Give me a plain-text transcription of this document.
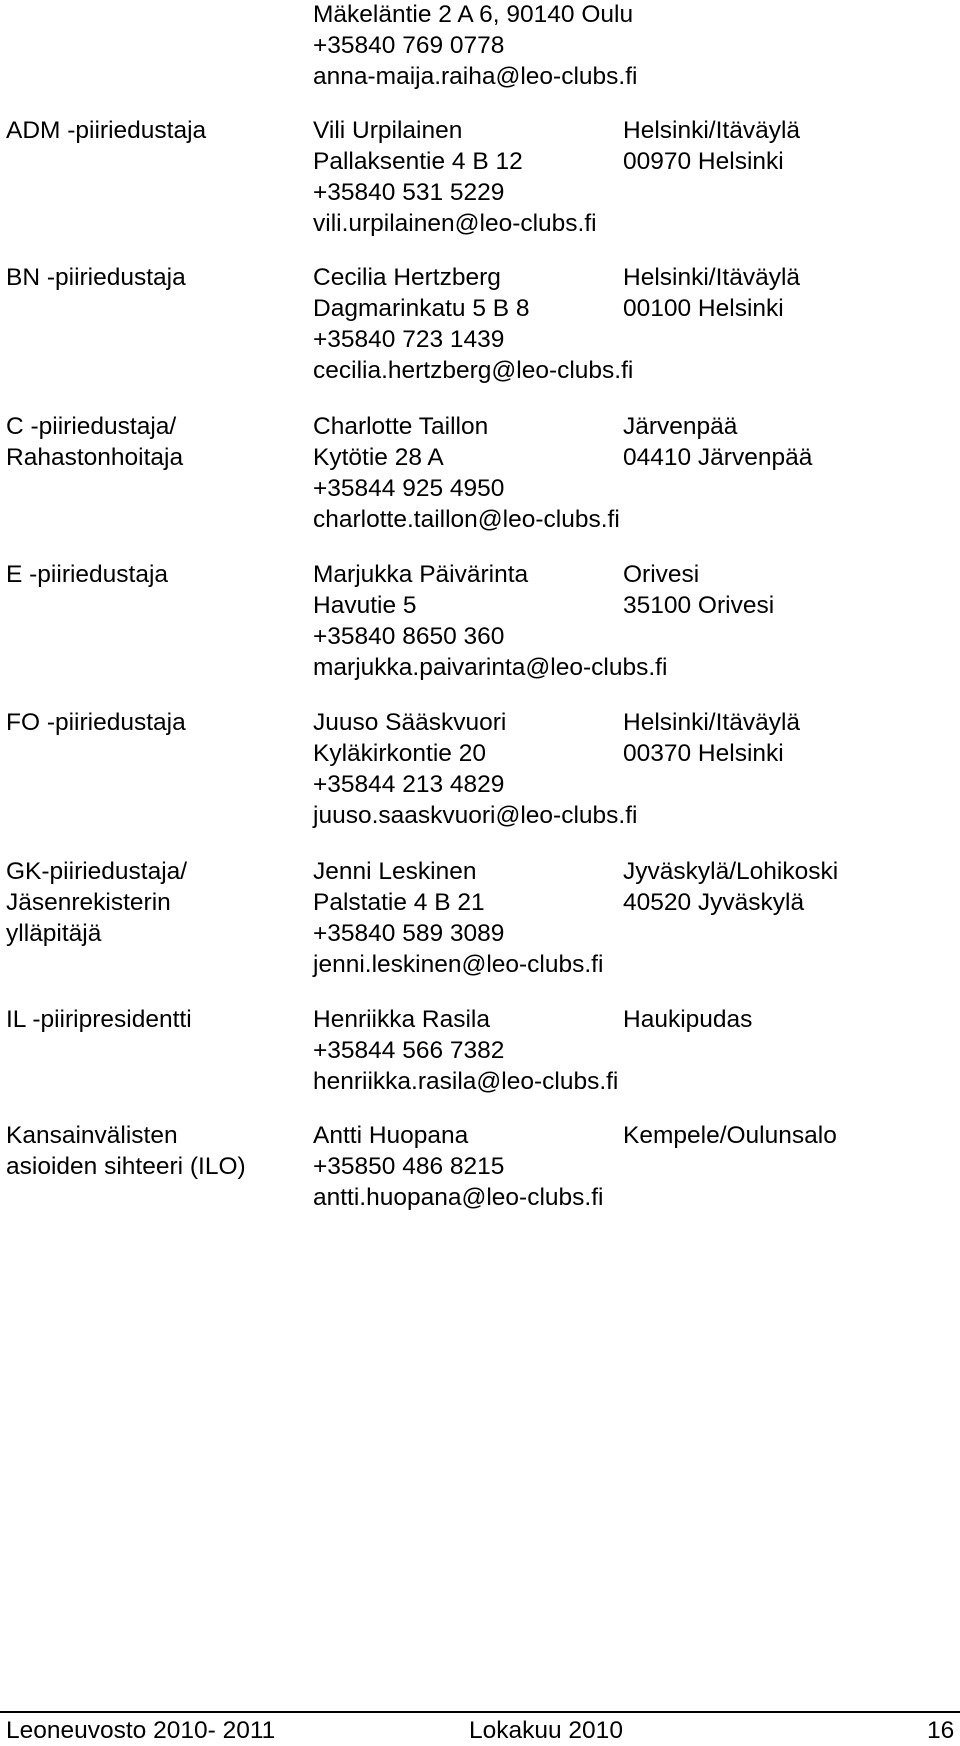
Mäkeläntie 2 A 6, 90140 Oulu
+35840 769 0778
anna-maija.raiha@leo-clubs.fi
ADM -piiriedustaja	Vili Urpilainen	Helsinki/Itäväylä
Pallaksentie 4 B 12	00970 Helsinki
+35840 531 5229
vili.urpilainen@leo-clubs.fi
BN -piiriedustaja	Cecilia Hertzberg	Helsinki/Itäväylä
Dagmarinkatu 5 B 8	00100 Helsinki
+35840 723 1439
cecilia.hertzberg@leo-clubs.fi
C -piiriedustaja/	Charlotte Taillon	Järvenpää
Rahastonhoitaja	Kytötie 28 A	04410 Järvenpää
+35844 925 4950
charlotte.taillon@leo-clubs.fi
E -piiriedustaja	Marjukka Päivärinta	Orivesi
Havutie 5	35100 Orivesi
+35840 8650 360
marjukka.paivarinta@leo-clubs.fi
FO -piiriedustaja	Juuso Sääskvuori	Helsinki/Itäväylä
Kyläkirkontie 20	00370 Helsinki
+35844 213 4829
juuso.saaskvuori@leo-clubs.fi
GK-piiriedustaja/	Jenni Leskinen	Jyväskylä/Lohikoski
Jäsenrekisterin	Palstatie 4 B 21	40520 Jyväskylä
ylläpitäjä	+35840 589 3089
jenni.leskinen@leo-clubs.fi
IL -piiripresidentti	Henriikka Rasila	Haukipudas
+35844 566 7382
henriikka.rasila@leo-clubs.fi
Kansainvälisten	Antti Huopana	Kempele/Oulunsalo
asioiden sihteeri (ILO)	+35850 486 8215
antti.huopana@leo-clubs.fi
Leoneuvosto 2010- 2011	Lokakuu 2010	16
